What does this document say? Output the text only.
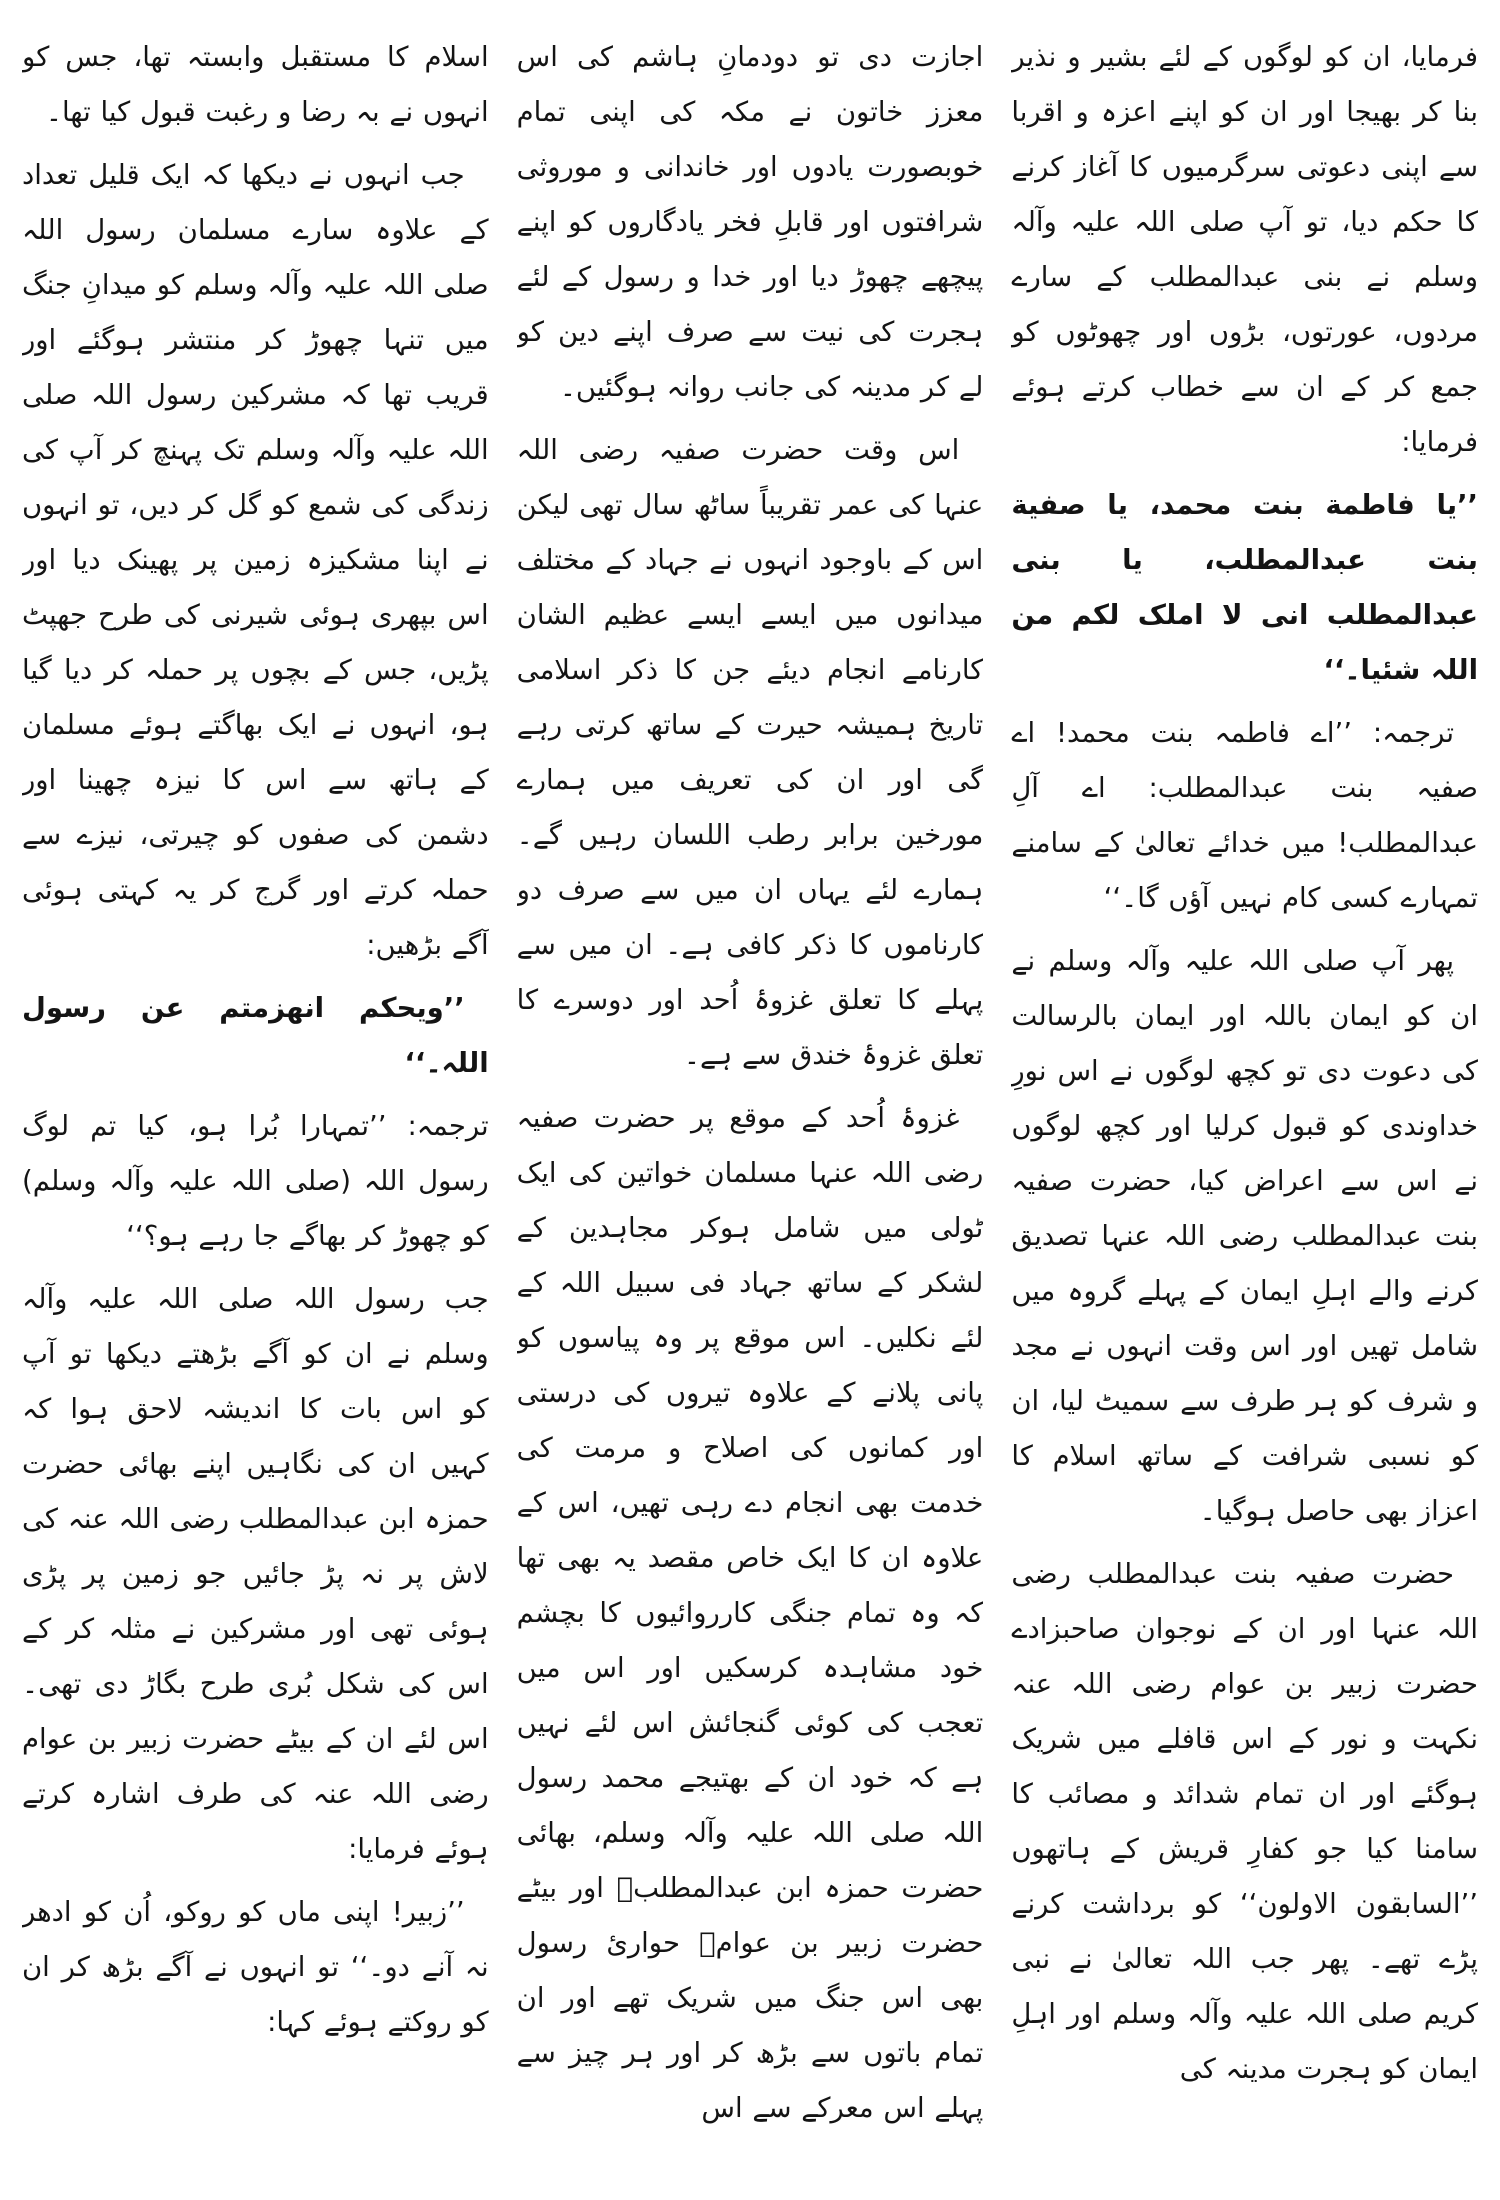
فرمایا، ان کو لوگوں کے لئے بشیر و نذیر بنا کر بھیجا اور ان کو اپنے اعزہ و اقربا سے اپنی دعوتی سرگرمیوں کا آغاز کرنے کا حکم دیا، تو آپ صلی اللہ علیہ وآلہ وسلم نے بنی عبدالمطلب کے سارے مردوں، عورتوں، بڑوں اور چھوٹوں کو جمع کر کے ان سے خطاب کرتے ہوئے فرمایا:

’’یا فاطمة بنت محمد، یا صفیة بنت عبدالمطلب، یا بنی عبدالمطلب انی لا املک لکم من اللہ شئیا۔‘‘

ترجمہ: ’’اے فاطمہ بنت محمد! اے صفیہ بنت عبدالمطلب: اے آلِ عبدالمطلب! میں خدائے تعالیٰ کے سامنے تمہارے کسی کام نہیں آؤں گا۔‘‘

پھر آپ صلی اللہ علیہ وآلہ وسلم نے ان کو ایمان باللہ اور ایمان بالرسالت کی دعوت دی تو کچھ لوگوں نے اس نورِ خداوندی کو قبول کرلیا اور کچھ لوگوں نے اس سے اعراض کیا، حضرت صفیہ بنت عبدالمطلب رضی اللہ عنہا تصدیق کرنے والے اہلِ ایمان کے پہلے گروہ میں شامل تھیں اور اس وقت انہوں نے مجد و شرف کو ہر طرف سے سمیٹ لیا، ان کو نسبی شرافت کے ساتھ اسلام کا اعزاز بھی حاصل ہوگیا۔

حضرت صفیہ بنت عبدالمطلب رضی اللہ عنہا اور ان کے نوجوان صاحبزادے حضرت زبیر بن عوام رضی اللہ عنہ نکہت و نور کے اس قافلے میں شریک ہوگئے اور ان تمام شدائد و مصائب کا سامنا کیا جو کفارِ قریش کے ہاتھوں ’’السابقون الاولون‘‘ کو برداشت کرنے پڑے تھے۔ پھر جب اللہ تعالیٰ نے نبی کریم صلی اللہ علیہ وآلہ وسلم اور اہلِ ایمان کو ہجرت مدینہ کی

اجازت دی تو دودمانِ ہاشم کی اس معزز خاتون نے مکہ کی اپنی تمام خوبصورت یادوں اور خاندانی و موروثی شرافتوں اور قابلِ فخر یادگاروں کو اپنے پیچھے چھوڑ دیا اور خدا و رسول کے لئے ہجرت کی نیت سے صرف اپنے دین کو لے کر مدینہ کی جانب روانہ ہوگئیں۔

اس وقت حضرت صفیہ رضی اللہ عنہا کی عمر تقریباً ساٹھ سال تھی لیکن اس کے باوجود انہوں نے جہاد کے مختلف میدانوں میں ایسے ایسے عظیم الشان کارنامے انجام دیئے جن کا ذکر اسلامی تاریخ ہمیشہ حیرت کے ساتھ کرتی رہے گی اور ان کی تعریف میں ہمارے مورخین برابر رطب اللسان رہیں گے۔ ہمارے لئے یہاں ان میں سے صرف دو کارناموں کا ذکر کافی ہے۔ ان میں سے پہلے کا تعلق غزوۂ اُحد اور دوسرے کا تعلق غزوۂ خندق سے ہے۔

غزوۂ اُحد کے موقع پر حضرت صفیہ رضی اللہ عنہا مسلمان خواتین کی ایک ٹولی میں شامل ہوکر مجاہدین کے لشکر کے ساتھ جہاد فی سبیل اللہ کے لئے نکلیں۔ اس موقع پر وہ پیاسوں کو پانی پلانے کے علاوہ تیروں کی درستی اور کمانوں کی اصلاح و مرمت کی خدمت بھی انجام دے رہی تھیں، اس کے علاوہ ان کا ایک خاص مقصد یہ بھی تھا کہ وہ تمام جنگی کارروائیوں کا بچشم خود مشاہدہ کرسکیں اور اس میں تعجب کی کوئی گنجائش اس لئے نہیں ہے کہ خود ان کے بھتیجے محمد رسول اللہ صلی اللہ علیہ وآلہ وسلم، بھائی حضرت حمزہ ابن عبدالمطلبؓ اور بیٹے حضرت زبیر بن عوامؓ حواریٔ رسول بھی اس جنگ میں شریک تھے اور ان تمام باتوں سے بڑھ کر اور ہر چیز سے پہلے اس معرکے سے اس

اسلام کا مستقبل وابستہ تھا، جس کو انہوں نے بہ رضا و رغبت قبول کیا تھا۔

جب انہوں نے دیکھا کہ ایک قلیل تعداد کے علاوہ سارے مسلمان رسول اللہ صلی اللہ علیہ وآلہ وسلم کو میدانِ جنگ میں تنہا چھوڑ کر منتشر ہوگئے اور قریب تھا کہ مشرکین رسول اللہ صلی اللہ علیہ وآلہ وسلم تک پہنچ کر آپ کی زندگی کی شمع کو گل کر دیں، تو انہوں نے اپنا مشکیزہ زمین پر پھینک دیا اور اس بپھری ہوئی شیرنی کی طرح جھپٹ پڑیں، جس کے بچوں پر حملہ کر دیا گیا ہو، انہوں نے ایک بھاگتے ہوئے مسلمان کے ہاتھ سے اس کا نیزہ چھینا اور دشمن کی صفوں کو چیرتی، نیزے سے حملہ کرتے اور گرج کر یہ کہتی ہوئی آگے بڑھیں:

’’ویحکم انھزمتم عن رسول اللہ۔‘‘

ترجمہ: ’’تمہارا بُرا ہو، کیا تم لوگ رسول اللہ (صلی اللہ علیہ وآلہ وسلم) کو چھوڑ کر بھاگے جا رہے ہو؟‘‘

جب رسول اللہ صلی اللہ علیہ وآلہ وسلم نے ان کو آگے بڑھتے دیکھا تو آپ کو اس بات کا اندیشہ لاحق ہوا کہ کہیں ان کی نگاہیں اپنے بھائی حضرت حمزہ ابن عبدالمطلب رضی اللہ عنہ کی لاش پر نہ پڑ جائیں جو زمین پر پڑی ہوئی تھی اور مشرکین نے مثلہ کر کے اس کی شکل بُری طرح بگاڑ دی تھی۔ اس لئے ان کے بیٹے حضرت زبیر بن عوام رضی اللہ عنہ کی طرف اشارہ کرتے ہوئے فرمایا:

’’زبیر! اپنی ماں کو روکو، اُن کو ادھر نہ آنے دو۔‘‘ تو انہوں نے آگے بڑھ کر ان کو روکتے ہوئے کہا:
